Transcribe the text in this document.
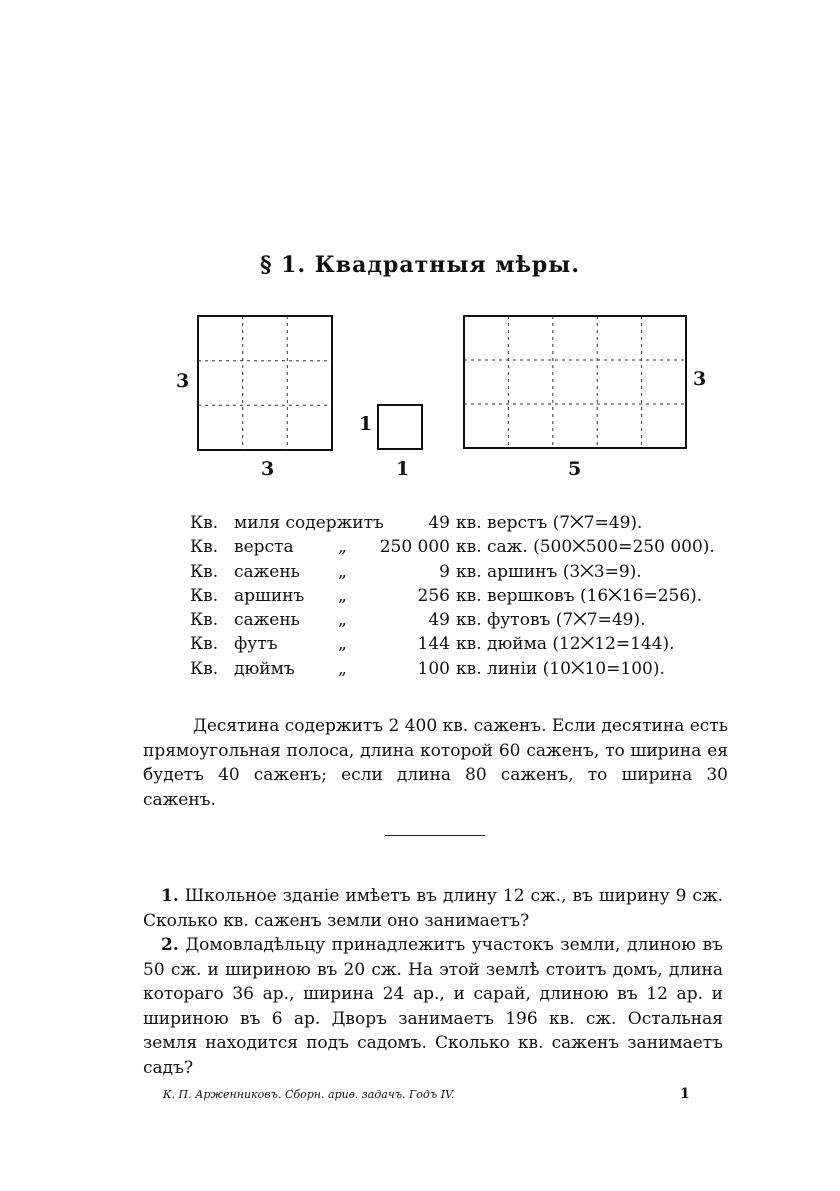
§ 1. Квадратныя мѣры.
3
3
1
1
3
5
Кв. миля содержитъ	49 кв. верстъ (7⨉7=49).
Кв. верста	„	250 000 кв. саж. (500⨉500=250 000).
Кв. сажень „	9 кв. аршинъ (3⨉3=9).
Кв. аршинъ „	256 кв. вершковъ (16⨉16=256).
Кв. сажень „	49 кв. футовъ (7⨉7=49).
Кв. футъ	„	144 кв. дюйма (12⨉12=144).
Кв. дюймъ	„	100 кв. линіи (10⨉10=100).

Десятина содержитъ 2 400 кв. саженъ. Если десятина есть прямоугольная полоса, длина которой 60 саженъ, то ширина ея будетъ 40 саженъ; если длина 80 саженъ, то ширина 30 саженъ.

1. Школьное зданіе имѣетъ въ длину 12 сж., въ ширину 9 сж. Сколько кв. саженъ земли оно занимаетъ?

2. Домовладѣльцу принадлежитъ участокъ земли, длиною въ 50 сж. и шириною въ 20 сж. На этой землѣ стоитъ домъ, длина котораго 36 ар., ширина 24 ар., и сарай, длиною въ 12 ар. и шириною въ 6 ар. Дворъ занимаетъ 196 кв. сж. Остальная земля находится подъ садомъ. Сколько кв. саженъ занимаетъ садъ?

К. П. Арженниковъ. Сборн. ариѳ. задачъ. Годъ IV.	1
